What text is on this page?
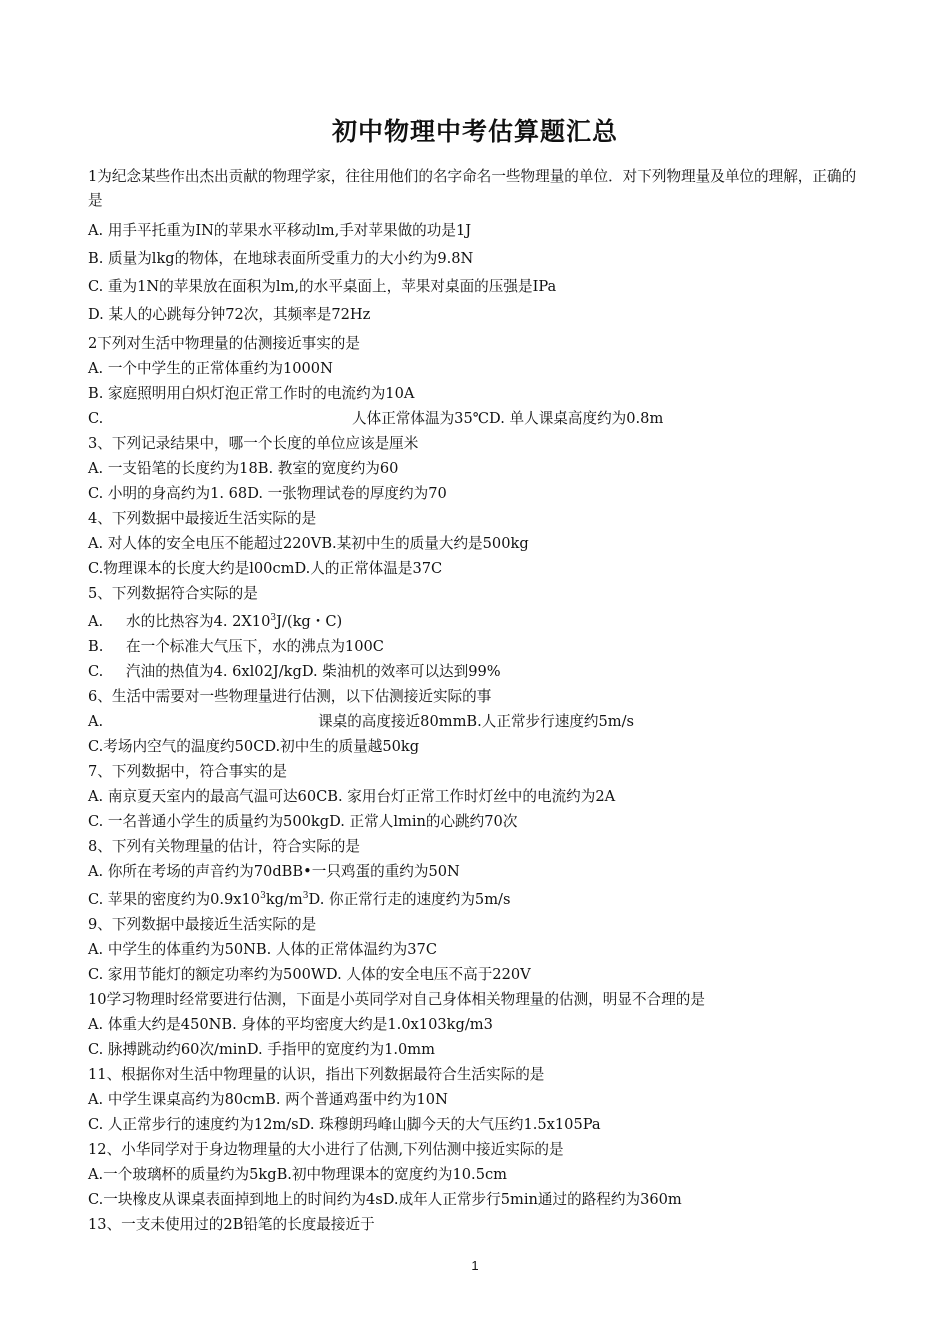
初中物理中考估算题汇总
1为纪念某些作出杰出贡献的物理学家，往往用他们的名字命名一些物理量的单位．对下列物理量及单位的理解，正确的是
A. 用手平托重为IN的苹果水平移动lm,手对苹果做的功是1J
B. 质量为lkg的物体，在地球表面所受重力的大小约为9.8N
C. 重为1N的苹果放在面积为lm,的水平桌面上，苹果对桌面的压强是IPa
D. 某人的心跳每分钟72次，其频率是72Hz
2下列对生活中物理量的估测接近事实的是
A. 一个中学生的正常体重约为1000N
B. 家庭照明用白炽灯泡正常工作时的电流约为10A
C.	人体正常体温为35℃D. 单人课桌高度约为0.8m
3、下列记录结果中，哪一个长度的单位应该是厘米
A. 一支铅笔的长度约为18B. 教室的宽度约为60
C. 小明的身高约为1. 68D. 一张物理试卷的厚度约为70
4、下列数据中最接近生活实际的是
A. 对人体的安全电压不能超过220VB.某初中生的质量大约是500kg
C.物理课本的长度大约是l00cmD.人的正常体温是37C
5、下列数据符合实际的是
A. 水的比热容为4. $2X10^3J/(kg$・C)
B. 在一个标准大气压下，水的沸点为100C
C. 汽油的热值为4. 6xl02J/kgD. 柴油机的效率可以达到99%
6、生活中需要对一些物理量进行估测，以下估测接近实际的事
A.	课桌的高度接近80mmB.人正常步行速度约5m/s
C.考场内空气的温度约50CD.初中生的质量越50kg
7、下列数据中，符合事实的是
A. 南京夏天室内的最高气温可达60CB. 家用台灯正常工作时灯丝中的电流约为2A
C. 一名普通小学生的质量约为500kgD. 正常人lmin的心跳约70次
8、下列有关物理量的估计，符合实际的是
A. 你所在考场的声音约为70dBB•一只鸡蛋的重约为50N
C. 苹果的密度约为$0.9x10^3kg/m^3D$. 你正常行走的速度约为5m/s
9、下列数据中最接近生活实际的是
A. 中学生的体重约为50NB. 人体的正常体温约为37C
C. 家用节能灯的额定功率约为500WD. 人体的安全电压不高于220V
10学习物理时经常要进行估测，下面是小英同学对自己身体相关物理量的估测，明显不合理的是
A. 体重大约是450NB. 身体的平均密度大约是1.0x103kg/m3
C. 脉搏跳动约60次/minD. 手指甲的宽度约为1.0mm
11、根据你对生活中物理量的认识，指出下列数据最符合生活实际的是
A. 中学生课桌高约为80cmB. 两个普通鸡蛋中约为10N
C. 人正常步行的速度约为12m/sD. 珠穆朗玛峰山脚今天的大气压约1.5x105Pa
12、小华同学对于身边物理量的大小进行了估测,下列估测中接近实际的是
A.一个玻璃杯的质量约为5kgB.初中物理课本的宽度约为10.5cm
C.一块橡皮从课桌表面掉到地上的时间约为4sD.成年人正常步行5min通过的路程约为360m
13、一支未使用过的2B铅笔的长度最接近于
1
